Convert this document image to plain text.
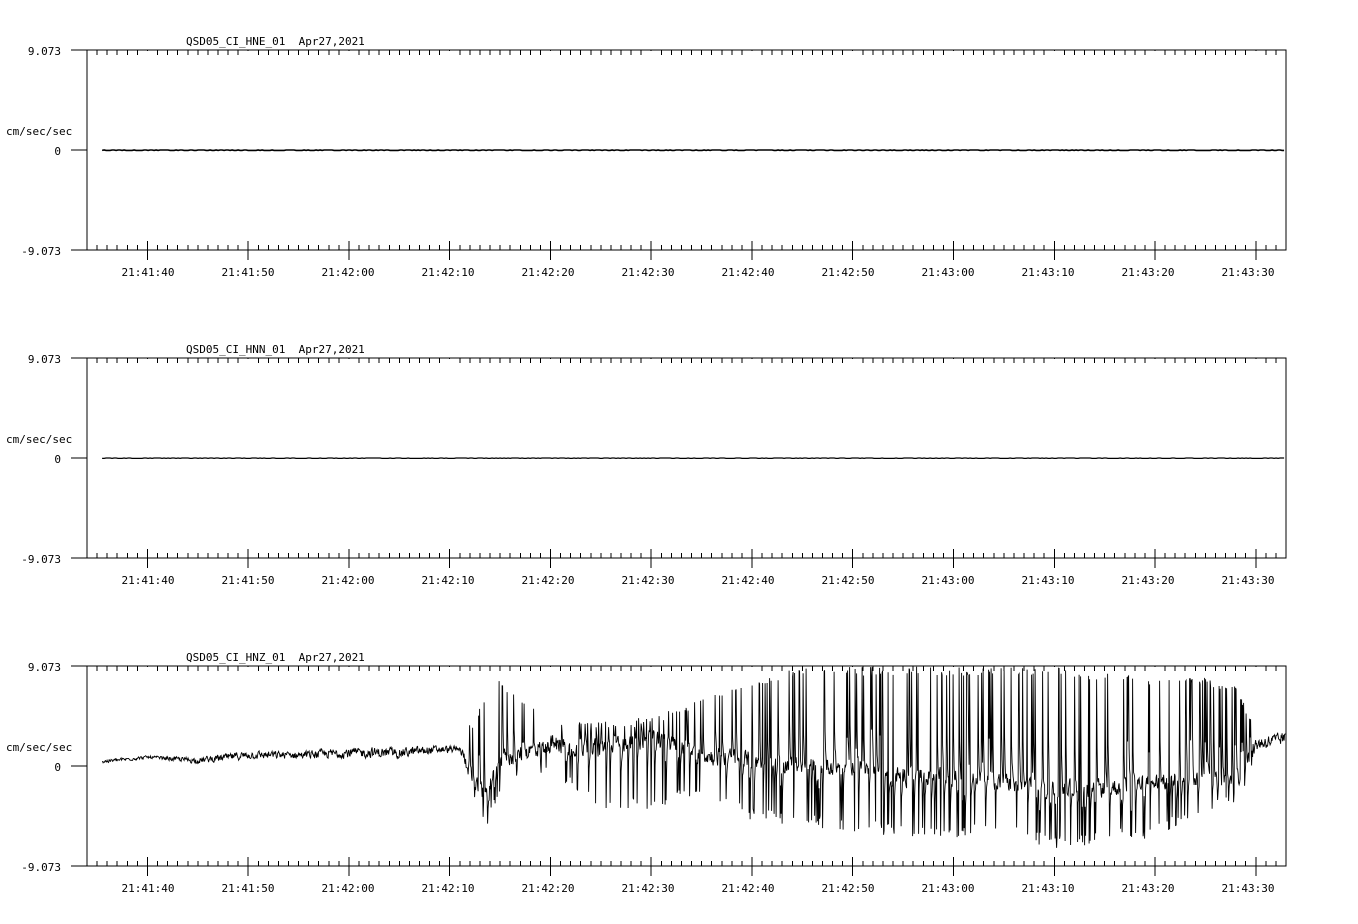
QSD05_CI_HNE_01  Apr27,2021
9.073
cm/sec/sec
0
-9.073
21:41:40	21:41:50	21:42:00	21:42:10	21:42:20	21:42:30	21:42:40	21:42:50	21:43:00	21:43:10	21:43:20	21:43:30
QSD05_CI_HNN_01  Apr27,2021
9.073
cm/sec/sec
0
-9.073
21:41:40	21:41:50	21:42:00	21:42:10	21:42:20	21:42:30	21:42:40	21:42:50	21:43:00	21:43:10	21:43:20	21:43:30
QSD05_CI_HNZ_01  Apr27,2021
9.073
cm/sec/sec
0
-9.073
21:41:40	21:41:50	21:42:00	21:42:10	21:42:20	21:42:30	21:42:40	21:42:50	21:43:00	21:43:10	21:43:20	21:43:30
